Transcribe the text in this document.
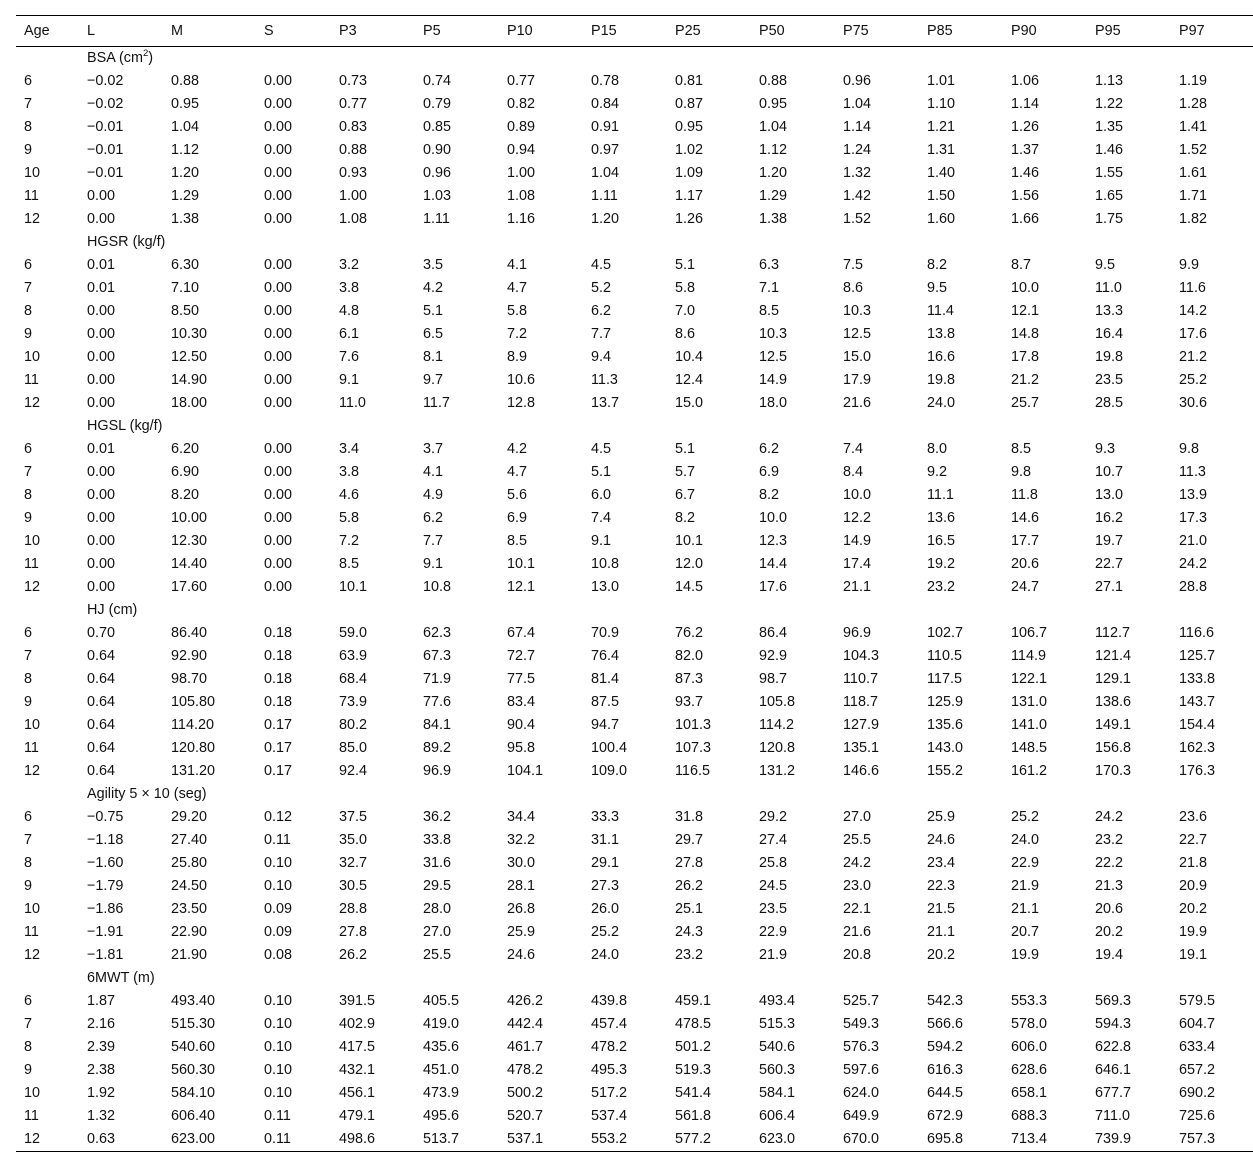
Age	L	M	S	P3	P5	P10	P15	P25	P50	P75	P85	P90	P95	P97
	BSA $(cm^2)$													
6	−0.02	0.88	0.00	0.73	0.74	0.77	0.78	0.81	0.88	0.96	1.01	1.06	1.13	1.19
7	−0.02	0.95	0.00	0.77	0.79	0.82	0.84	0.87	0.95	1.04	1.10	1.14	1.22	1.28
8	−0.01	1.04	0.00	0.83	0.85	0.89	0.91	0.95	1.04	1.14	1.21	1.26	1.35	1.41
9	−0.01	1.12	0.00	0.88	0.90	0.94	0.97	1.02	1.12	1.24	1.31	1.37	1.46	1.52
10	−0.01	1.20	0.00	0.93	0.96	1.00	1.04	1.09	1.20	1.32	1.40	1.46	1.55	1.61
11	0.00	1.29	0.00	1.00	1.03	1.08	1.11	1.17	1.29	1.42	1.50	1.56	1.65	1.71
12	0.00	1.38	0.00	1.08	1.11	1.16	1.20	1.26	1.38	1.52	1.60	1.66	1.75	1.82
	HGSR (kg/f)													
6	0.01	6.30	0.00	3.2	3.5	4.1	4.5	5.1	6.3	7.5	8.2	8.7	9.5	9.9
7	0.01	7.10	0.00	3.8	4.2	4.7	5.2	5.8	7.1	8.6	9.5	10.0	11.0	11.6
8	0.00	8.50	0.00	4.8	5.1	5.8	6.2	7.0	8.5	10.3	11.4	12.1	13.3	14.2
9	0.00	10.30	0.00	6.1	6.5	7.2	7.7	8.6	10.3	12.5	13.8	14.8	16.4	17.6
10	0.00	12.50	0.00	7.6	8.1	8.9	9.4	10.4	12.5	15.0	16.6	17.8	19.8	21.2
11	0.00	14.90	0.00	9.1	9.7	10.6	11.3	12.4	14.9	17.9	19.8	21.2	23.5	25.2
12	0.00	18.00	0.00	11.0	11.7	12.8	13.7	15.0	18.0	21.6	24.0	25.7	28.5	30.6
	HGSL (kg/f)													
6	0.01	6.20	0.00	3.4	3.7	4.2	4.5	5.1	6.2	7.4	8.0	8.5	9.3	9.8
7	0.00	6.90	0.00	3.8	4.1	4.7	5.1	5.7	6.9	8.4	9.2	9.8	10.7	11.3
8	0.00	8.20	0.00	4.6	4.9	5.6	6.0	6.7	8.2	10.0	11.1	11.8	13.0	13.9
9	0.00	10.00	0.00	5.8	6.2	6.9	7.4	8.2	10.0	12.2	13.6	14.6	16.2	17.3
10	0.00	12.30	0.00	7.2	7.7	8.5	9.1	10.1	12.3	14.9	16.5	17.7	19.7	21.0
11	0.00	14.40	0.00	8.5	9.1	10.1	10.8	12.0	14.4	17.4	19.2	20.6	22.7	24.2
12	0.00	17.60	0.00	10.1	10.8	12.1	13.0	14.5	17.6	21.1	23.2	24.7	27.1	28.8
	HJ (cm)													
6	0.70	86.40	0.18	59.0	62.3	67.4	70.9	76.2	86.4	96.9	102.7	106.7	112.7	116.6
7	0.64	92.90	0.18	63.9	67.3	72.7	76.4	82.0	92.9	104.3	110.5	114.9	121.4	125.7
8	0.64	98.70	0.18	68.4	71.9	77.5	81.4	87.3	98.7	110.7	117.5	122.1	129.1	133.8
9	0.64	105.80	0.18	73.9	77.6	83.4	87.5	93.7	105.8	118.7	125.9	131.0	138.6	143.7
10	0.64	114.20	0.17	80.2	84.1	90.4	94.7	101.3	114.2	127.9	135.6	141.0	149.1	154.4
11	0.64	120.80	0.17	85.0	89.2	95.8	100.4	107.3	120.8	135.1	143.0	148.5	156.8	162.3
12	0.64	131.20	0.17	92.4	96.9	104.1	109.0	116.5	131.2	146.6	155.2	161.2	170.3	176.3
	Agility 5 × 10 (seg)													
6	−0.75	29.20	0.12	37.5	36.2	34.4	33.3	31.8	29.2	27.0	25.9	25.2	24.2	23.6
7	−1.18	27.40	0.11	35.0	33.8	32.2	31.1	29.7	27.4	25.5	24.6	24.0	23.2	22.7
8	−1.60	25.80	0.10	32.7	31.6	30.0	29.1	27.8	25.8	24.2	23.4	22.9	22.2	21.8
9	−1.79	24.50	0.10	30.5	29.5	28.1	27.3	26.2	24.5	23.0	22.3	21.9	21.3	20.9
10	−1.86	23.50	0.09	28.8	28.0	26.8	26.0	25.1	23.5	22.1	21.5	21.1	20.6	20.2
11	−1.91	22.90	0.09	27.8	27.0	25.9	25.2	24.3	22.9	21.6	21.1	20.7	20.2	19.9
12	−1.81	21.90	0.08	26.2	25.5	24.6	24.0	23.2	21.9	20.8	20.2	19.9	19.4	19.1
	6MWT (m)													
6	1.87	493.40	0.10	391.5	405.5	426.2	439.8	459.1	493.4	525.7	542.3	553.3	569.3	579.5
7	2.16	515.30	0.10	402.9	419.0	442.4	457.4	478.5	515.3	549.3	566.6	578.0	594.3	604.7
8	2.39	540.60	0.10	417.5	435.6	461.7	478.2	501.2	540.6	576.3	594.2	606.0	622.8	633.4
9	2.38	560.30	0.10	432.1	451.0	478.2	495.3	519.3	560.3	597.6	616.3	628.6	646.1	657.2
10	1.92	584.10	0.10	456.1	473.9	500.2	517.2	541.4	584.1	624.0	644.5	658.1	677.7	690.2
11	1.32	606.40	0.11	479.1	495.6	520.7	537.4	561.8	606.4	649.9	672.9	688.3	711.0	725.6
12	0.63	623.00	0.11	498.6	513.7	537.1	553.2	577.2	623.0	670.0	695.8	713.4	739.9	757.3
